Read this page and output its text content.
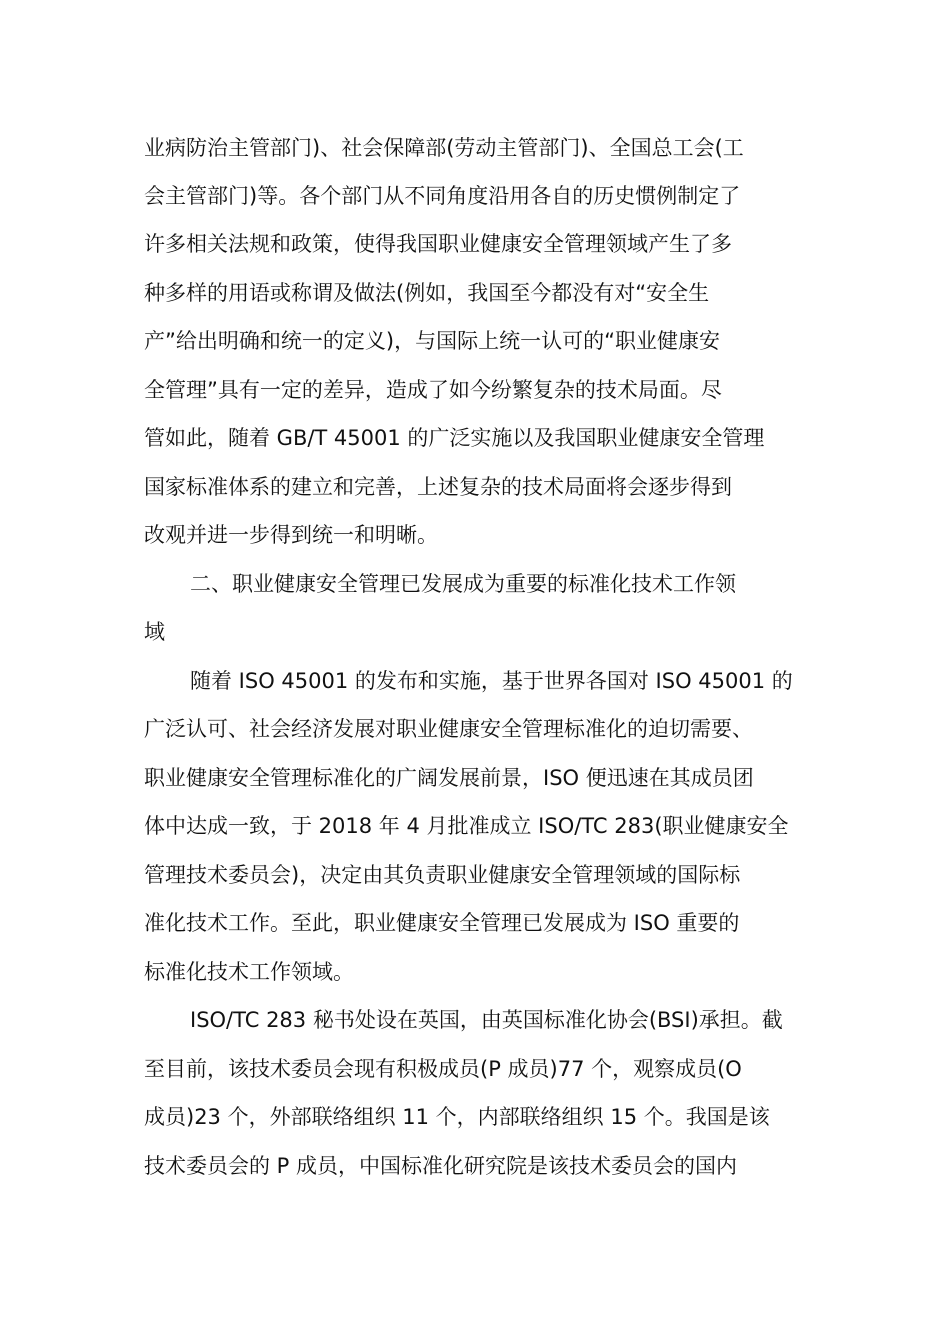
业病防治主管部门)、社会保障部(劳动主管部门)、全国总工会(工
会主管部门)等。各个部门从不同角度沿用各自的历史惯例制定了
许多相关法规和政策，使得我国职业健康安全管理领域产生了多
种多样的用语或称谓及做法(例如，我国至今都没有对“安全生
产”给出明确和统一的定义)，与国际上统一认可的“职业健康安
全管理”具有一定的差异，造成了如今纷繁复杂的技术局面。尽
管如此，随着 GB/T 45001 的广泛实施以及我国职业健康安全管理
国家标准体系的建立和完善，上述复杂的技术局面将会逐步得到
改观并进一步得到统一和明晰。
二、职业健康安全管理已发展成为重要的标准化技术工作领
域
随着 ISO 45001 的发布和实施，基于世界各国对 ISO 45001 的
广泛认可、社会经济发展对职业健康安全管理标准化的迫切需要、
职业健康安全管理标准化的广阔发展前景，ISO 便迅速在其成员团
体中达成一致，于 2018 年 4 月批准成立 ISO/TC 283(职业健康安全
管理技术委员会)，决定由其负责职业健康安全管理领域的国际标
准化技术工作。至此，职业健康安全管理已发展成为 ISO 重要的
标准化技术工作领域。
ISO/TC 283 秘书处设在英国，由英国标准化协会(BSI)承担。截
至目前，该技术委员会现有积极成员(P 成员)77 个，观察成员(O
成员)23 个，外部联络组织 11 个，内部联络组织 15 个。我国是该
技术委员会的 P 成员，中国标准化研究院是该技术委员会的国内
